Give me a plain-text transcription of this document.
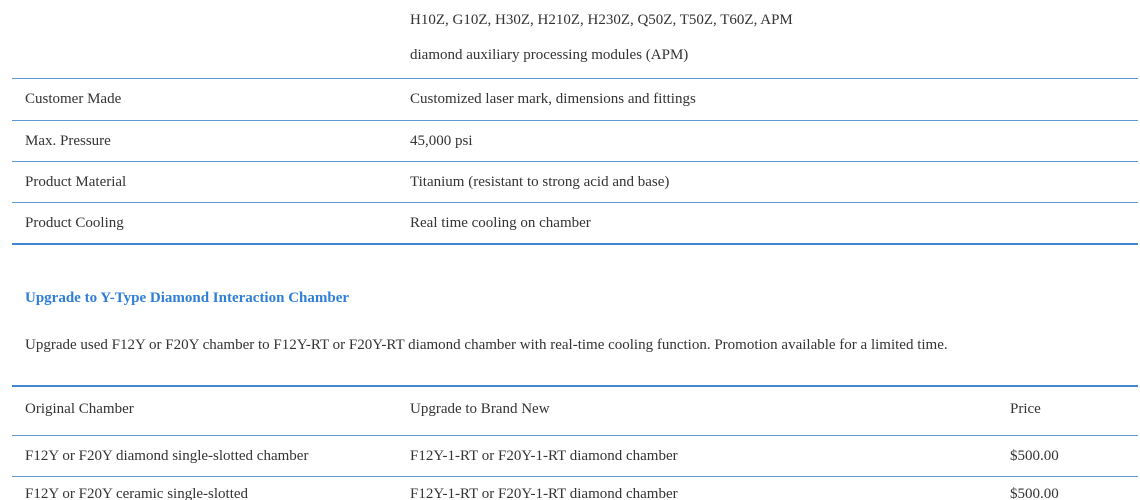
H10Z, G10Z, H30Z, H210Z, H230Z, Q50Z, T50Z, T60Z, APM
diamond auxiliary processing modules (APM)
Customer Made	Customized laser mark, dimensions and fittings
Max. Pressure	45,000 psi
Product Material	Titanium (resistant to strong acid and base)
Product Cooling	Real time cooling on chamber
Upgrade to Y-Type Diamond Interaction Chamber
Upgrade used F12Y or F20Y chamber to F12Y-RT or F20Y-RT diamond chamber with real-time cooling function. Promotion available for a limited time.
Original Chamber	Upgrade to Brand New	Price
F12Y or F20Y diamond single-slotted chamber	F12Y-1-RT or F20Y-1-RT diamond chamber	$500.00
F12Y or F20Y ceramic single-slotted	F12Y-1-RT or F20Y-1-RT diamond chamber	$500.00
